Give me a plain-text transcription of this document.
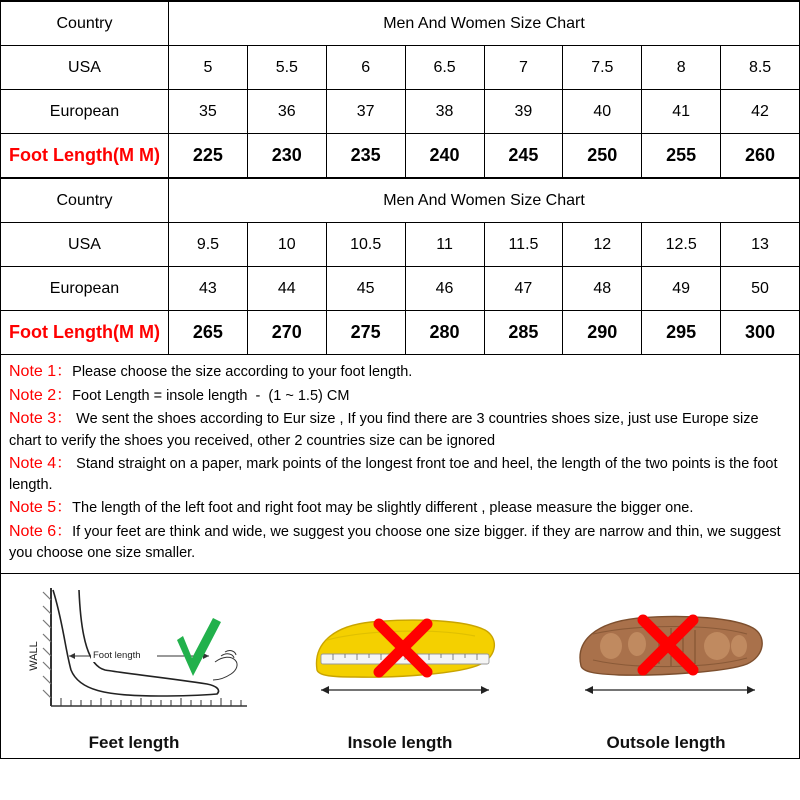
Country	Men And Women Size Chart							
USA	5	5.5	6	6.5	7	7.5	8	8.5
European	35	36	37	38	39	40	41	42
Foot Length(M M)	225	230	235	240	245	250	255	260
Country	Men And Women Size Chart							
USA	9.5	10	10.5	11	11.5	12	12.5	13
European	43	44	45	46	47	48	49	50
Foot Length(M M)	265	270	275	280	285	290	295	300

Note 1：Please choose the size according to your foot length.

Note 2：Foot Length = insole length  -  (1 ~ 1.5) CM

Note 3： We sent the shoes according to Eur size , If you find there are 3 countries shoes size, just use Europe size chart to verify the shoes you received, other 2 countries size can be ignored

Note 4： Stand straight on a paper, mark points of the longest front toe and heel, the length of the two points is the foot length.

Note 5：The length of the left foot and right foot may be slightly different , please measure the bigger one.

Note 6：If your feet are think and wide, we suggest you choose one size bigger. if they are narrow and thin, we suggest you choose one size smaller.

WALL	Foot length
Feet length	Insole length	Outsole length
